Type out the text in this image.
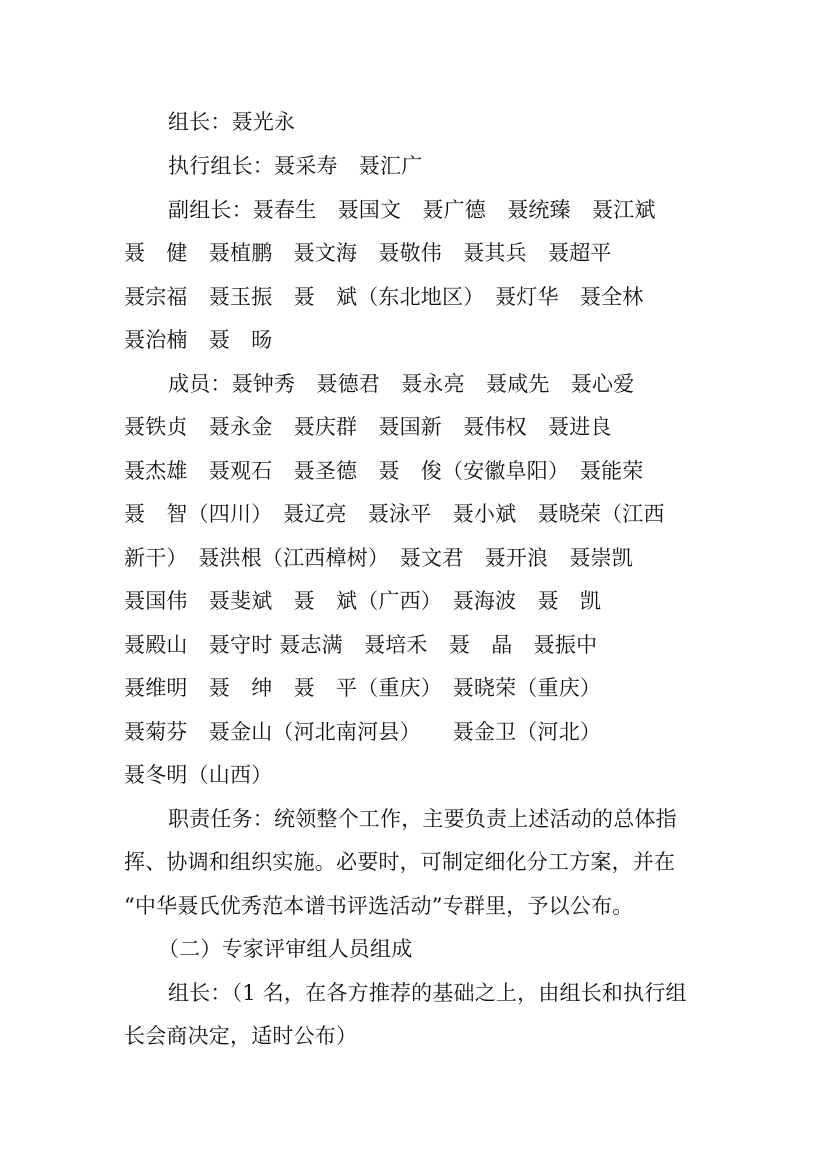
组长：聂光永

执行组长：聂采寿　聂汇广

副组长：聂春生　聂国文　聂广德　聂统臻　聂江斌

聂　健　聂植鹏　聂文海　聂敬伟　聂其兵　聂超平

聂宗福　聂玉振　聂　斌（东北地区）　聂灯华　聂全林

聂治楠　聂　旸

成员：聂钟秀　聂德君　聂永亮　聂咸先　聂心爱

聂铁贞　聂永金　聂庆群　聂国新　聂伟权　聂进良

聂杰雄　聂观石　聂圣德　聂　俊（安徽阜阳）　聂能荣

聂　智（四川）　聂辽亮　聂泳平　聂小斌　聂晓荣（江西

新干）　聂洪根（江西樟树）　聂文君　聂开浪　聂崇凯

聂国伟　聂斐斌　聂　斌（广西）　聂海波　聂　凯

聂殿山　聂守时 聂志满　聂培禾　聂　晶　聂振中

聂维明　聂　绅　聂　平（重庆）　聂晓荣（重庆）

聂菊芬　聂金山（河北南河县）　　聂金卫（河北）

聂冬明（山西）

职责任务：统领整个工作，主要负责上述活动的总体指

挥、协调和组织实施。必要时，可制定细化分工方案，并在

“中华聂氏优秀范本谱书评选活动”专群里，予以公布。

（二）专家评审组人员组成

组长：（1 名，在各方推荐的基础之上，由组长和执行组

长会商决定，适时公布）
